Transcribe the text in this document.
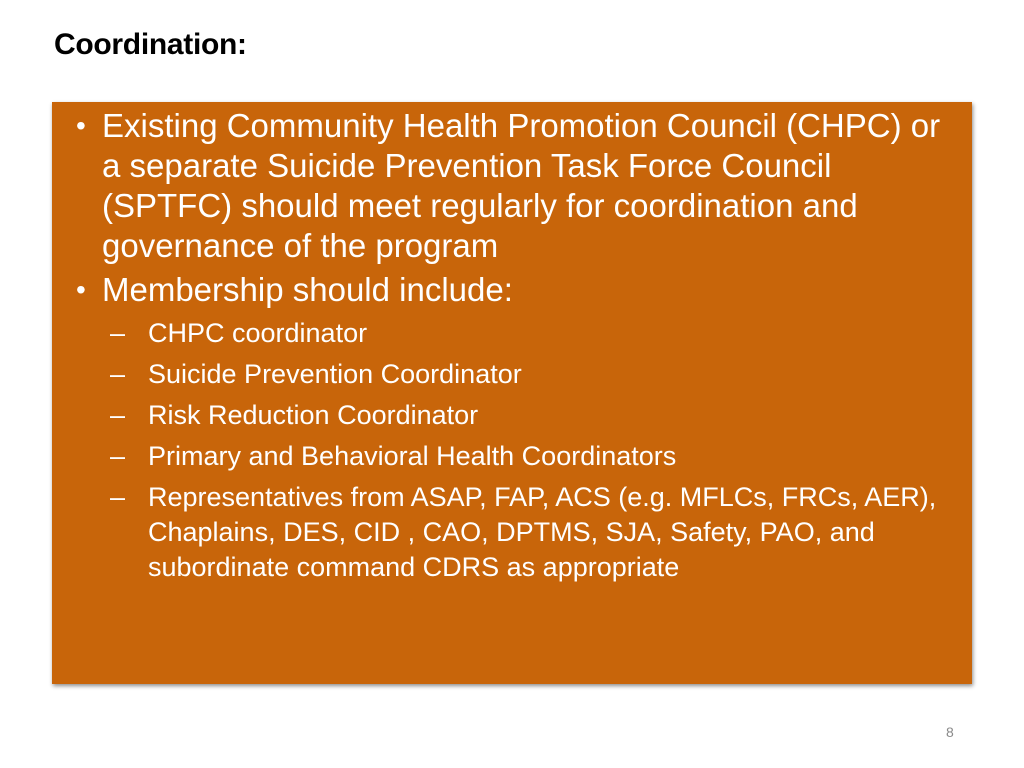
Coordination:
• Existing Community Health Promotion Council (CHPC) or a separate Suicide Prevention Task Force Council (SPTFC) should meet regularly for coordination and governance of the program
• Membership should include:
– CHPC coordinator
– Suicide Prevention Coordinator
– Risk Reduction Coordinator
– Primary and Behavioral Health Coordinators
– Representatives from ASAP, FAP, ACS (e.g. MFLCs, FRCs, AER), Chaplains, DES, CID , CAO, DPTMS, SJA, Safety, PAO, and subordinate command CDRS as appropriate
8
